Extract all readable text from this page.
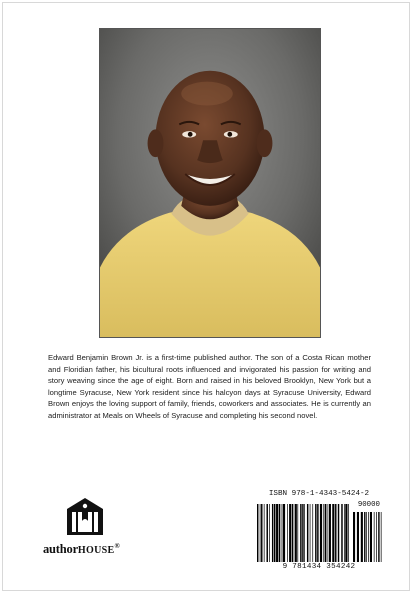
Edward Benjamin Brown Jr. is a first-time published author. The son of a Costa Rican mother and Floridian father, his bicultural roots influenced and invigorated his passion for writing and story weaving since the age of eight. Born and raised in his beloved Brooklyn, New York but a longtime Syracuse, New York resident since his halcyon days at Syracuse University, Edward Brown enjoys the loving support of family, friends, coworkers and associates. He is currently an administrator at Meals on Wheels of Syracuse and completing his second novel.

authorHOUSE®
ISBN 978-1-4343-5424-2
90000
9 781434 354242
